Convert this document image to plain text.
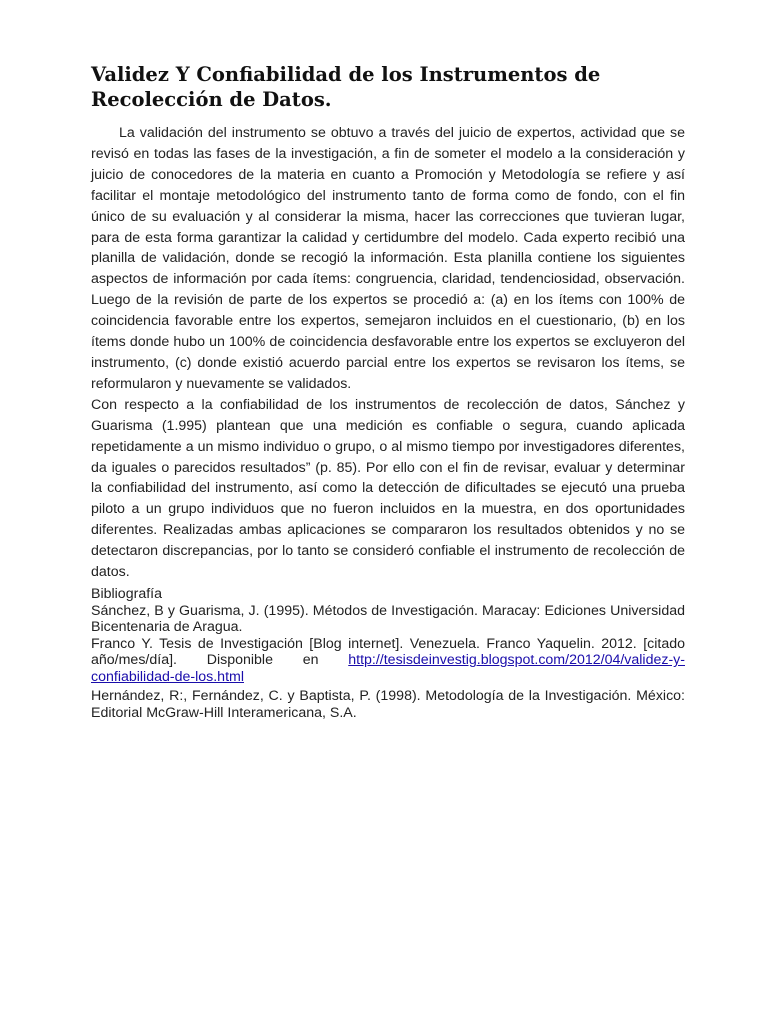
Validez Y Confiabilidad de los Instrumentos de Recolección de Datos.

La validación del instrumento se obtuvo a través del juicio de expertos, actividad que se revisó en todas las fases de la investigación, a fin de someter el modelo a la consideración y juicio de conocedores de la materia en cuanto a Promoción y Metodología se refiere y así facilitar el montaje metodológico del instrumento tanto de forma como de fondo, con el fin único de su evaluación y al considerar la misma, hacer las correcciones que tuvieran lugar, para de esta forma garantizar la calidad y certidumbre del modelo. Cada experto recibió una planilla de validación, donde se recogió la información. Esta planilla contiene los siguientes aspectos de información por cada ítems: congruencia, claridad, tendenciosidad, observación. Luego de la revisión de parte de los expertos se procedió a: (a) en los ítems con 100% de coincidencia favorable entre los expertos, semejaron incluidos en el cuestionario, (b) en los ítems donde hubo un 100% de coincidencia desfavorable entre los expertos se excluyeron del instrumento, (c) donde existió acuerdo parcial entre los expertos se revisaron los ítems, se reformularon y nuevamente se validados.

Con respecto a la confiabilidad de los instrumentos de recolección de datos, Sánchez y Guarisma (1.995) plantean que una medición es confiable o segura, cuando aplicada repetidamente a un mismo individuo o grupo, o al mismo tiempo por investigadores diferentes, da iguales o parecidos resultados” (p. 85). Por ello con el fin de revisar, evaluar y determinar la confiabilidad del instrumento, así como la detección de dificultades se ejecutó una prueba piloto a un grupo individuos que no fueron incluidos en la muestra, en dos oportunidades diferentes. Realizadas ambas aplicaciones se compararon los resultados obtenidos y no se detectaron discrepancias, por lo tanto se consideró confiable el instrumento de recolección de datos.

Bibliografía
Sánchez, B y Guarisma, J. (1995). Métodos de Investigación. Maracay: Ediciones Universidad Bicentenaria de Aragua.
Franco Y. Tesis de Investigación [Blog internet]. Venezuela. Franco Yaquelin. 2012. [citado año/mes/día]. Disponible en http://tesisdeinvestig.blogspot.com/2012/04/validez-y-confiabilidad-de-los.html
Hernández, R:, Fernández, C. y Baptista, P. (1998). Metodología de la Investigación. México: Editorial McGraw-Hill Interamericana, S.A.
